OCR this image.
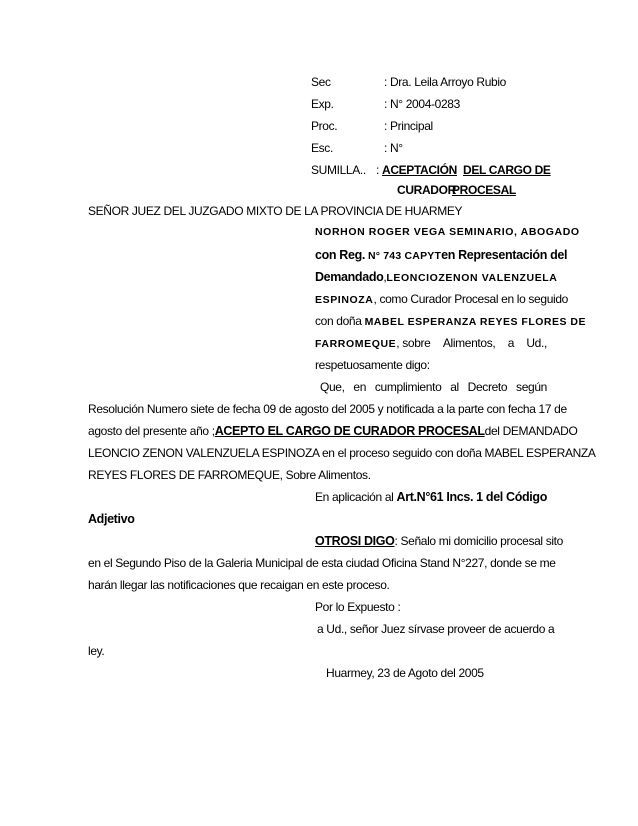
Sec	: Dra. Leila Arroyo Rubio
Exp.	: N° 2004-0283
Proc.	: Principal
Esc.	: N°
SUMILLA.. : ACEPTACIÓN DEL CARGO DE
CURADOR
PROCESAL
SEÑOR JUEZ DEL JUZGADO MIXTO DE LA PROVINCIA DE HUARMEY
NORHON ROGER VEGA SEMINARIO, ABOGADO
con Reg. N° 743 CAPYT en Representación del
Demandado, LEONCIO ZENON VALENZUELA
ESPINOZA, como Curador Procesal en lo seguido
con doña MABEL ESPERANZA REYES FLORES DE
FARROMEQUE, sobre Alimentos, a Ud.,
respetuosamente digo:
Que, en cumplimiento al Decreto según
Resolución Numero siete de fecha 09 de agosto del 2005 y notificada a la parte con fecha 17 de
agosto del presente año ; ACEPTO EL CARGO DE CURADOR PROCESAL del DEMANDADO
LEONCIO ZENON VALENZUELA ESPINOZA en el proceso seguido con doña MABEL ESPERANZA
REYES FLORES DE FARROMEQUE, Sobre Alimentos.
En aplicación al Art.N°61 Incs. 1 del Código
Adjetivo
OTROSI DIGO : Señalo mi domicilio procesal sito
en el Segundo Piso de la Galeria Municipal de esta ciudad Oficina Stand N°227, donde se me
harán llegar las notificaciones que recaigan en este proceso.
Por lo Expuesto :
a Ud., señor Juez sírvase proveer de acuerdo a
ley.
Huarmey, 23 de Agoto del 2005
